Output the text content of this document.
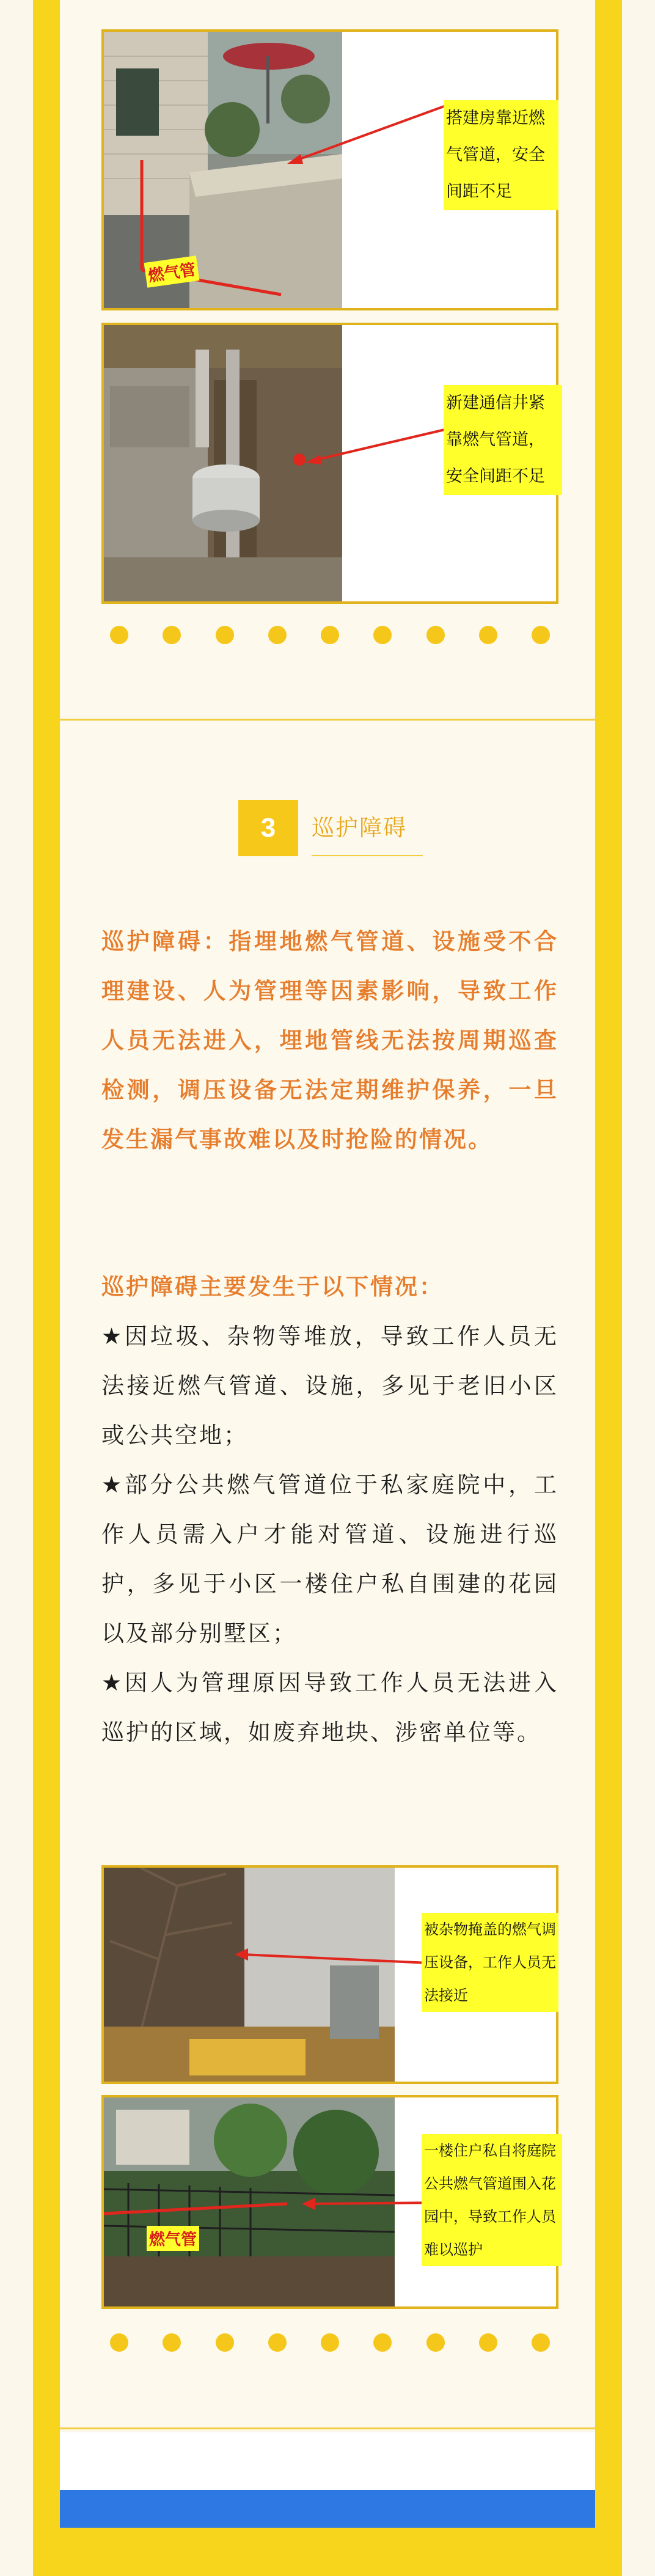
燃气管
搭建房靠近燃气管道，安全间距不足
新建通信井紧靠燃气管道，安全间距不足
3	巡护障碍
巡护障碍：指埋地燃气管道、设施受不合理建设、人为管理等因素影响，导致工作人员无法进入，埋地管线无法按周期巡查检测，调压设备无法定期维护保养，一旦发生漏气事故难以及时抢险的情况。
巡护障碍主要发生于以下情况：
★因垃圾、杂物等堆放，导致工作人员无法接近燃气管道、设施，多见于老旧小区或公共空地；
★部分公共燃气管道位于私家庭院中，工作人员需入户才能对管道、设施进行巡护，多见于小区一楼住户私自围建的花园以及部分别墅区；
★因人为管理原因导致工作人员无法进入巡护的区域，如废弃地块、涉密单位等。
被杂物掩盖的燃气调压设备，工作人员无法接近
燃气管
一楼住户私自将庭院公共燃气管道围入花园中，导致工作人员难以巡护
